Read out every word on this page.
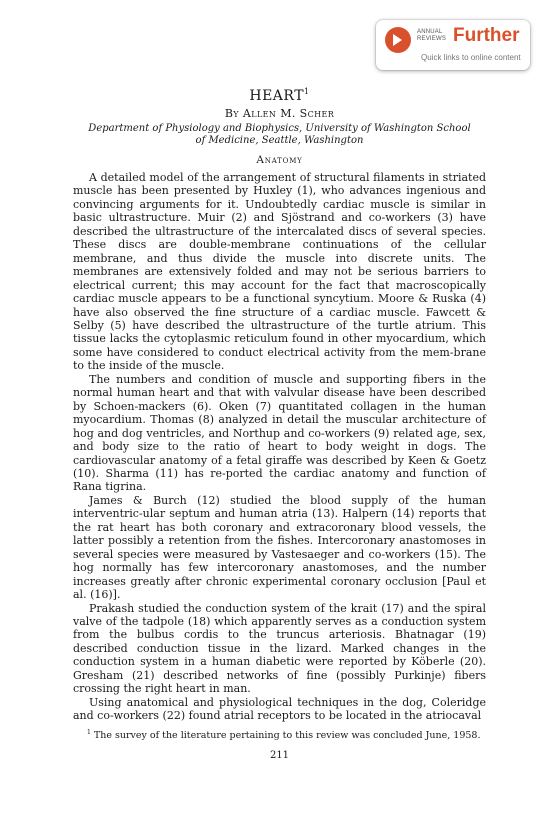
ANNUAL
REVIEWS Further
Quick links to online content
HEART$^1$
By Allen M. Scher
Department of Physiology and Biophysics, University of Washington School
of Medicine, Seattle, Washington
Anatomy

A detailed model of the arrangement of structural filaments in striated muscle has been presented by Huxley (1), who advances ingenious and convincing arguments for it. Undoubtedly cardiac muscle is similar in basic ultrastructure. Muir (2) and Sjöstrand and co-workers (3) have described the ultrastructure of the intercalated discs of several species. These discs are double-membrane continuations of the cellular membrane, and thus divide the muscle into discrete units. The membranes are extensively folded and may not be serious barriers to electrical current; this may account for the fact that macroscopically cardiac muscle appears to be a functional syncytium. Moore & Ruska (4) have also observed the fine structure of a cardiac muscle. Fawcett & Selby (5) have described the ultrastructure of the turtle atrium. This tissue lacks the cytoplasmic reticulum found in other myocardium, which some have considered to conduct electrical activity from the mem-brane to the inside of the muscle.

The numbers and condition of muscle and supporting fibers in the normal human heart and that with valvular disease have been described by Schoen-mackers (6). Oken (7) quantitated collagen in the human myocardium. Thomas (8) analyzed in detail the muscular architecture of hog and dog ventricles, and Northup and co-workers (9) related age, sex, and body size to the ratio of heart to body weight in dogs. The cardiovascular anatomy of a fetal giraffe was described by Keen & Goetz (10). Sharma (11) has re-ported the cardiac anatomy and function of Rana tigrina.

James & Burch (12) studied the blood supply of the human interventric-ular septum and human atria (13). Halpern (14) reports that the rat heart has both coronary and extracoronary blood vessels, the latter possibly a retention from the fishes. Intercoronary anastomoses in several species were measured by Vastesaeger and co-workers (15). The hog normally has few intercoronary anastomoses, and the number increases greatly after chronic experimental coronary occlusion [Paul et al. (16)].

Prakash studied the conduction system of the krait (17) and the spiral valve of the tadpole (18) which apparently serves as a conduction system from the bulbus cordis to the truncus arteriosis. Bhatnagar (19) described conduction tissue in the lizard. Marked changes in the conduction system in a human diabetic were reported by Köberle (20). Gresham (21) described networks of fine (possibly Purkinje) fibers crossing the right heart in man.

Using anatomical and physiological techniques in the dog, Coleridge and co-workers (22) found atrial receptors to be located in the atriocaval

$^1$ The survey of the literature pertaining to this review was concluded June, 1958.
211
